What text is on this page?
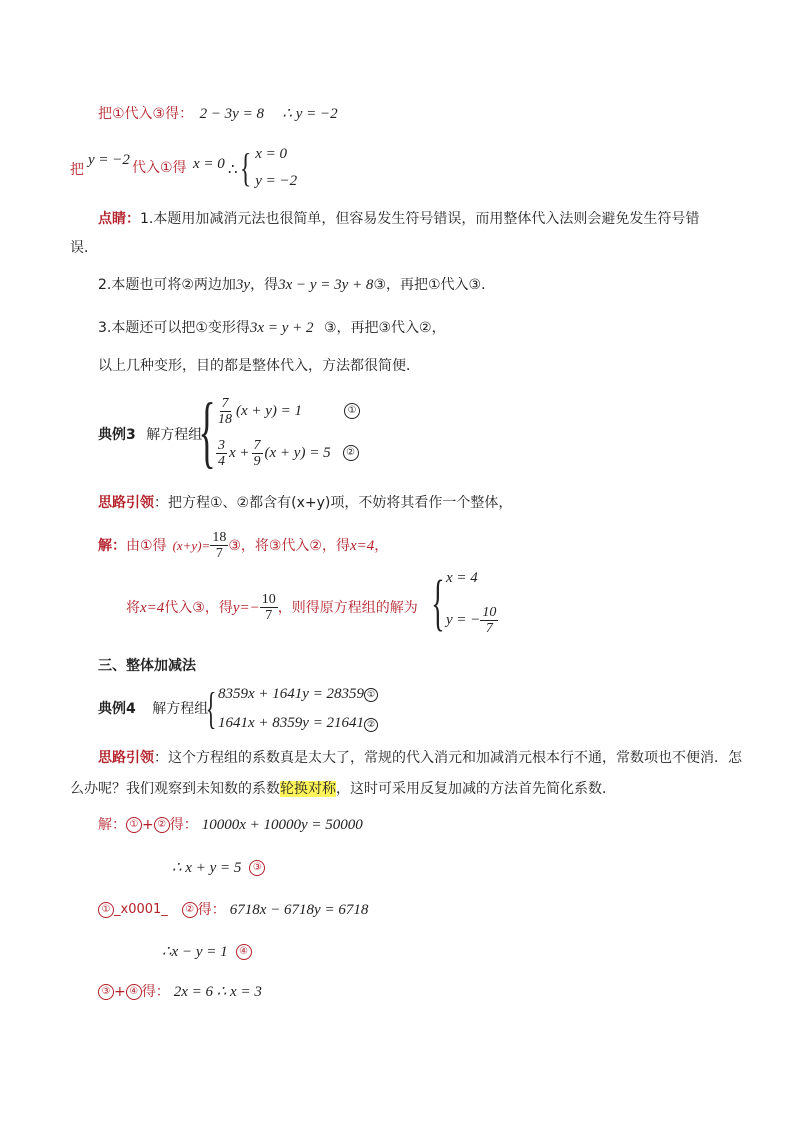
把①代入③得： 2 − 3y = 8 ∴ y = −2
把
y = −2 代入①得 x = 0 ∴ { x = 0
y = −2
点睛：1.本题用加减消元法也很简单，但容易发生符号错误，而用整体代入法则会避免发生符号错
误．
2.本题也可将②两边加3y，得3x − y = 3y + 8③，再把①代入③．
3.本题还可以把①变形得3x = y + 2 ③，再把③代入②，
以上几种变形，目的都是整体代入，方法都很简便．
典例3 解方程组
{ $\frac{7}{18} (x + y) = 1$	①
$\frac{3}{4}$ $x + \frac{7}{9} (x + y) = 5$	②
思路引领：把方程①、②都含有(x+y)项，不妨将其看作一个整体，
解： 由①得 $(x+y)= \frac{18}{7}$ ③，将③代入②，得 x=4 ，
将 x=4 代入③，得 $y=- \frac{10}{7}$ ，则得原方程组的解为 { x = 4
y = − $\frac{10}{7}$
三、整体加减法
典例4 解方程组
{ 8359x + 1641y = 28359 ①
1641x + 8359y = 21641 ②
思路引领：这个方程组的系数真是太大了，常规的代入消元和加减消元根本行不通，常数项也不便消．怎
么办呢？我们观察到未知数的系数轮换对称，这时可采用反复加减的方法首先简化系数．
解： ① + ② 得： 10000x + 10000y = 50000
∴ x + y = 5	③
① _x0001_	② 得： 6718x − 6718y = 6718
∴x − y = 1	④
③ + ④ 得： 2x = 6 ∴ x = 3
